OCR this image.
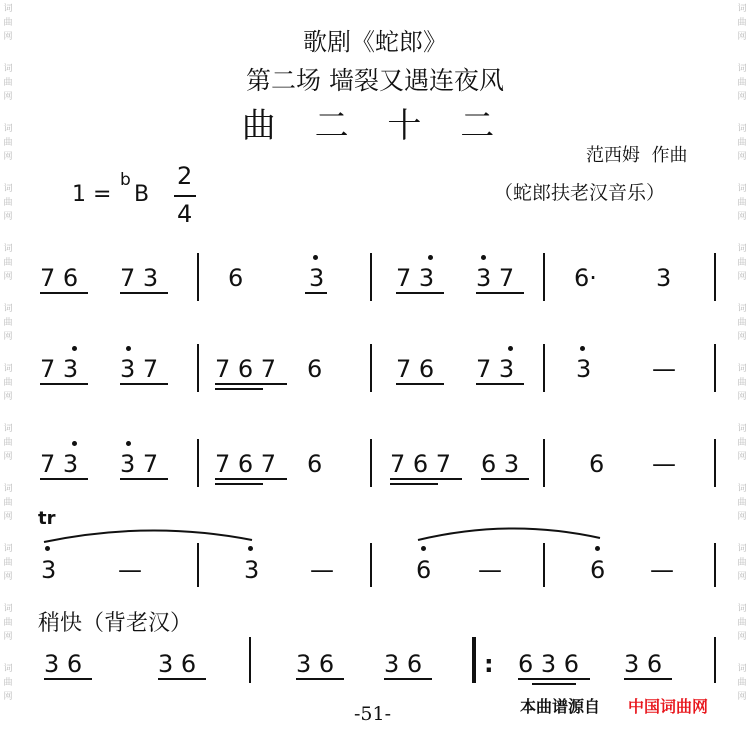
词
曲
网
词
曲
网
词
曲
网
词
曲
网
词
曲
网
词
曲
网
词
曲
网
词
曲
网
词
曲
网
词
曲
网
词
曲
网
词
曲
网
词
曲
网
词
曲
网
词
曲
网
词
曲
网
词
曲
网
词
曲
网
词
曲
网
词
曲
网
词
曲
网
词
曲
网
词
曲
网
词
曲
网
歌剧《蛇郎》
第二场 墙裂又遇连夜风
曲 二 十 二
范西姆  作曲
（蛇郎扶老汉音乐）
1 =
b
B
2
4
7 6 7 3	6	3	7 3 3 7 6· 3
7 3 3 7 7 6 7 6	7 6 7 3	3	—
7 3 3 7 7 6 7 6	7 6 7 6 3	6 —
tr
3	—	3 —	6 —	6 —
稍快（背老汉）
3 6	3 6	3 6 3 6	: 6 3 6 3 6
-51-	本曲谱源自 中国词曲网
